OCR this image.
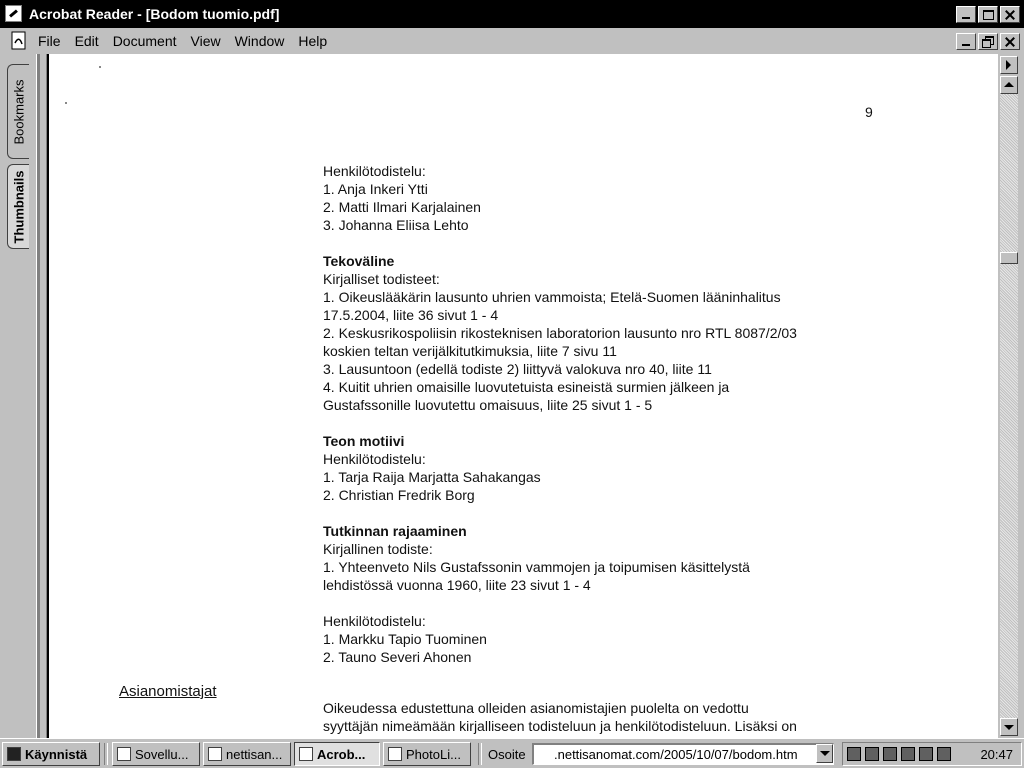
Acrobat Reader - [Bodom tuomio.pdf]
File Edit Document View Window Help
Bookmarks
Thumbnails
9
Henkilötodistelu:
1. Anja Inkeri Ytti
2. Matti Ilmari Karjalainen
3. Johanna Eliisa Lehto
Tekoväline
Kirjalliset todisteet:
1. Oikeuslääkärin lausunto uhrien vammoista; Etelä-Suomen lääninhalitus
17.5.2004, liite 36 sivut 1 - 4
2. Keskusrikospoliisin rikosteknisen laboratorion lausunto nro RTL 8087/2/03
koskien teltan verijälkitutkimuksia, liite 7 sivu 11
3. Lausuntoon (edellä todiste 2) liittyvä valokuva nro 40, liite 11
4. Kuitit uhrien omaisille luovutetuista esineistä surmien jälkeen ja
Gustafssonille luovutettu omaisuus, liite 25 sivut 1 - 5
Teon motiivi
Henkilötodistelu:
1. Tarja Raija Marjatta Sahakangas
2. Christian Fredrik Borg
Tutkinnan rajaaminen
Kirjallinen todiste:
1. Yhteenveto Nils Gustafssonin vammojen ja toipumisen käsittelystä
lehdistössä vuonna 1960, liite 23 sivut 1 - 4
Henkilötodistelu:
1. Markku Tapio Tuominen
2. Tauno Severi Ahonen
Asianomistajat
Oikeudessa edustettuna olleiden asianomistajien puolelta on vedottu
syyttäjän nimeämään kirjalliseen todisteluun ja henkilötodisteluun. Lisäksi on
Käynnistä	Sovellu...	nettisan...	Acrob...	PhotoLi... Osoite	.nettisanomat.com/2005/10/07/bodom.htm	20:47
